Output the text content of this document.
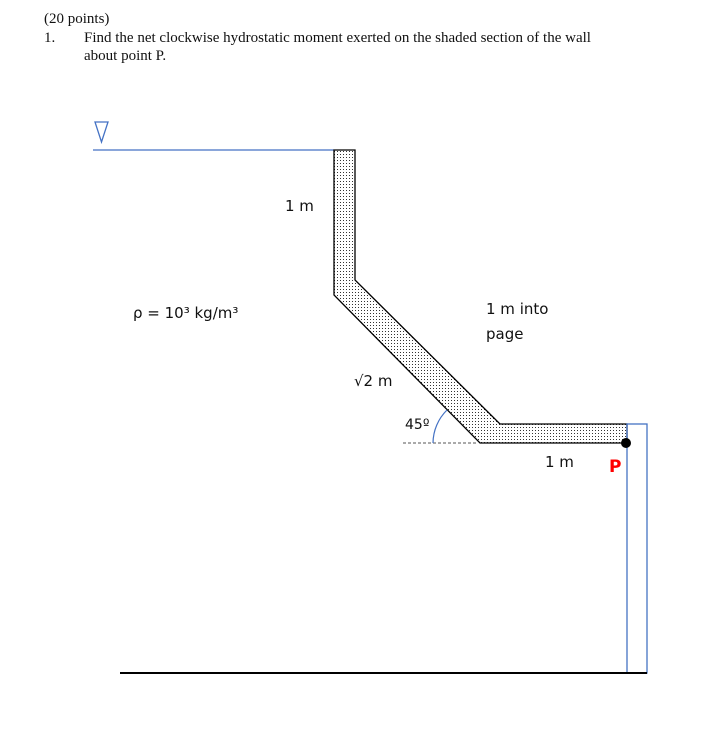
(20 points)
1. Find the net clockwise hydrostatic moment exerted on the shaded section of the wall
about point P.
1 m
ρ = 10³ kg/m³	1 m into
page
√2 m
45º
1 m P
